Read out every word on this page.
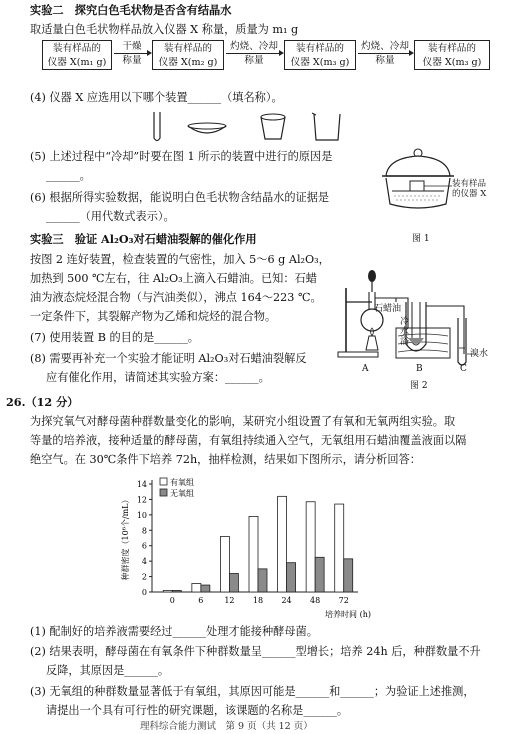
实验二　探究白色毛状物是否含有结晶水
取适量白色毛状物样品放入仪器 X 称量，质量为 m₁ g
装有样品的
仪器 X(m₁ g)
干燥
称量
装有样品的
仪器 X(m₂ g)
灼烧、冷却
称量
装有样品的
仪器 X(m₃ g)
灼烧、冷却
称量
装有样品的
仪器 X(m₃ g)
(4) 仪器 X 应选用以下哪个装置______（填名称）。
(5) 上述过程中“冷却”时要在图 1 所示的装置中进行的原因是
______。
(6) 根据所得实验数据，能说明白色毛状物含结晶水的证据是
______（用代数式表示）。
装有样品
的仪器 X
图 1
实验三　验证 Al₂O₃对石蜡油裂解的催化作用
按图 2 连好装置，检查装置的气密性，加入 5～6 g Al₂O₃，
加热到 500 ℃左右，往 Al₂O₃上滴入石蜡油。已知：石蜡
油为液态烷烃混合物（与汽油类似），沸点 164～223 ℃。
一定条件下，其裂解产物为乙烯和烷烃的混合物。
(7) 使用装置 B 的目的是______。
(8) 需要再补充一个实验才能证明 Al₂O₃对石蜡油裂解反
应有催化作用，请简述其实验方案：______。
石蜡油
冷
水
浴
溴水
A	B	C
图 2
26.（12 分）
为探究氧气对酵母菌种群数量变化的影响，某研究小组设置了有氧和无氧两组实验。取
等量的培养液，接种适量的酵母菌，有氧组持续通入空气，无氧组用石蜡油覆盖液面以隔
绝空气。在 30℃条件下培养 72h，抽样检测，结果如下图所示，请分析回答：
0
2
4
6
8
10
12
14
0	6	12 18 24 48 72
有氧组
无氧组
种群密度（10⁶个/mL）
培养时间 (h)
(1) 配制好的培养液需要经过______处理才能接种酵母菌。
(2) 结果表明，酵母菌在有氧条件下种群数量呈______型增长；培养 24h 后，种群数量不升
反降，其原因是______。
(3) 无氧组的种群数量显著低于有氧组，其原因可能是______和______；为验证上述推测，
请提出一个具有可行性的研究课题，该课题的名称是______。
理科综合能力测试　第 9 页（共 12 页）
